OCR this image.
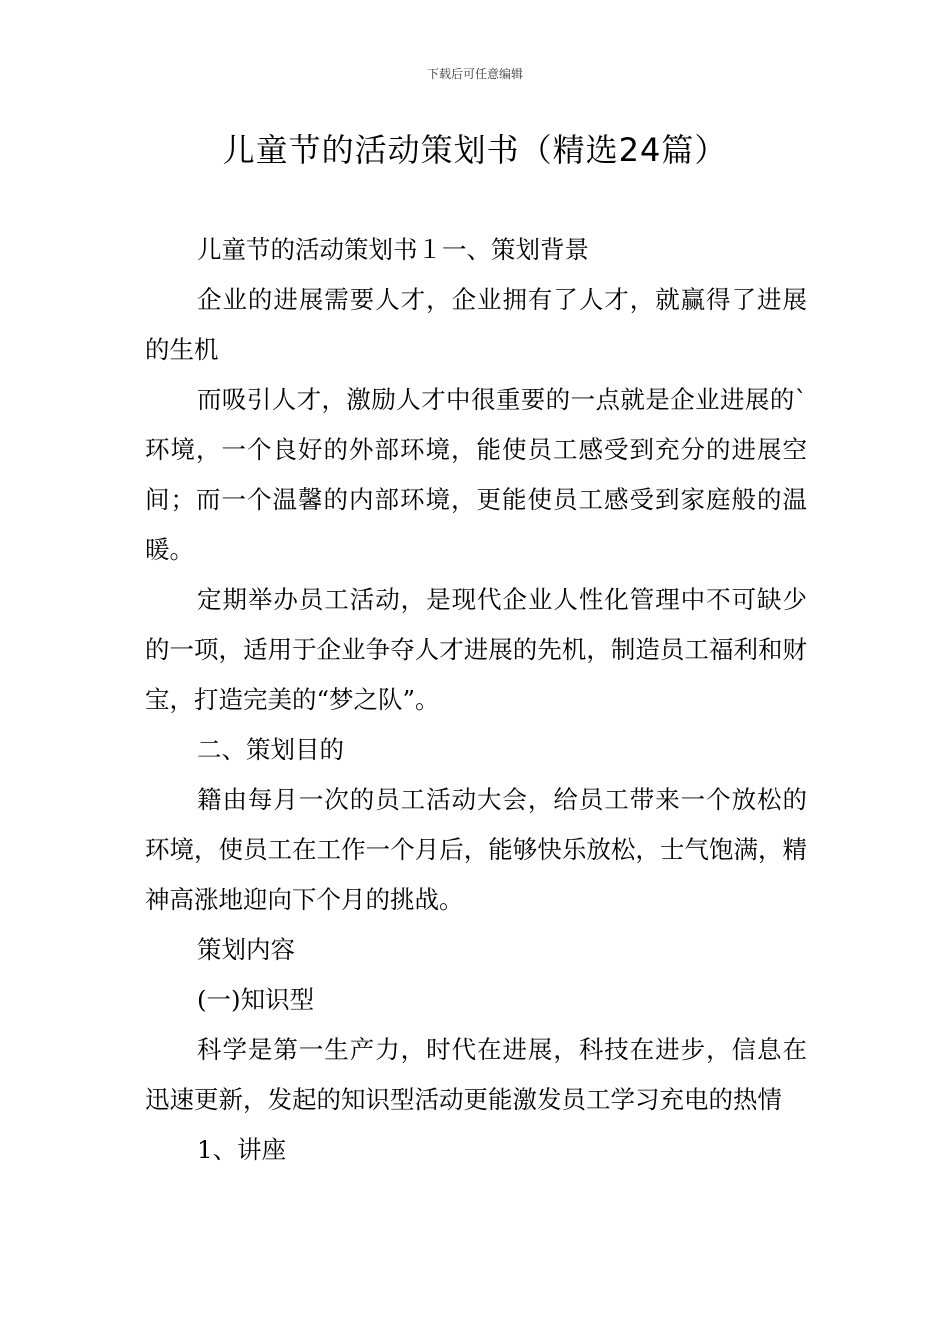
下载后可任意编辑
儿童节的活动策划书（精选24篇）

儿童节的活动策划书１一、策划背景

企业的进展需要人才，企业拥有了人才，就赢得了进展的生机

而吸引人才，激励人才中很重要的一点就是企业进展的`环境，一个良好的外部环境，能使员工感受到充分的进展空间；而一个温馨的内部环境，更能使员工感受到家庭般的温暖。

定期举办员工活动，是现代企业人性化管理中不可缺少的一项，适用于企业争夺人才进展的先机，制造员工福利和财宝，打造完美的“梦之队”。

二、策划目的

籍由每月一次的员工活动大会，给员工带来一个放松的环境，使员工在工作一个月后，能够快乐放松，士气饱满，精神高涨地迎向下个月的挑战。

策划内容

(一)知识型

科学是第一生产力，时代在进展，科技在进步，信息在迅速更新，发起的知识型活动更能激发员工学习充电的热情

1、讲座
